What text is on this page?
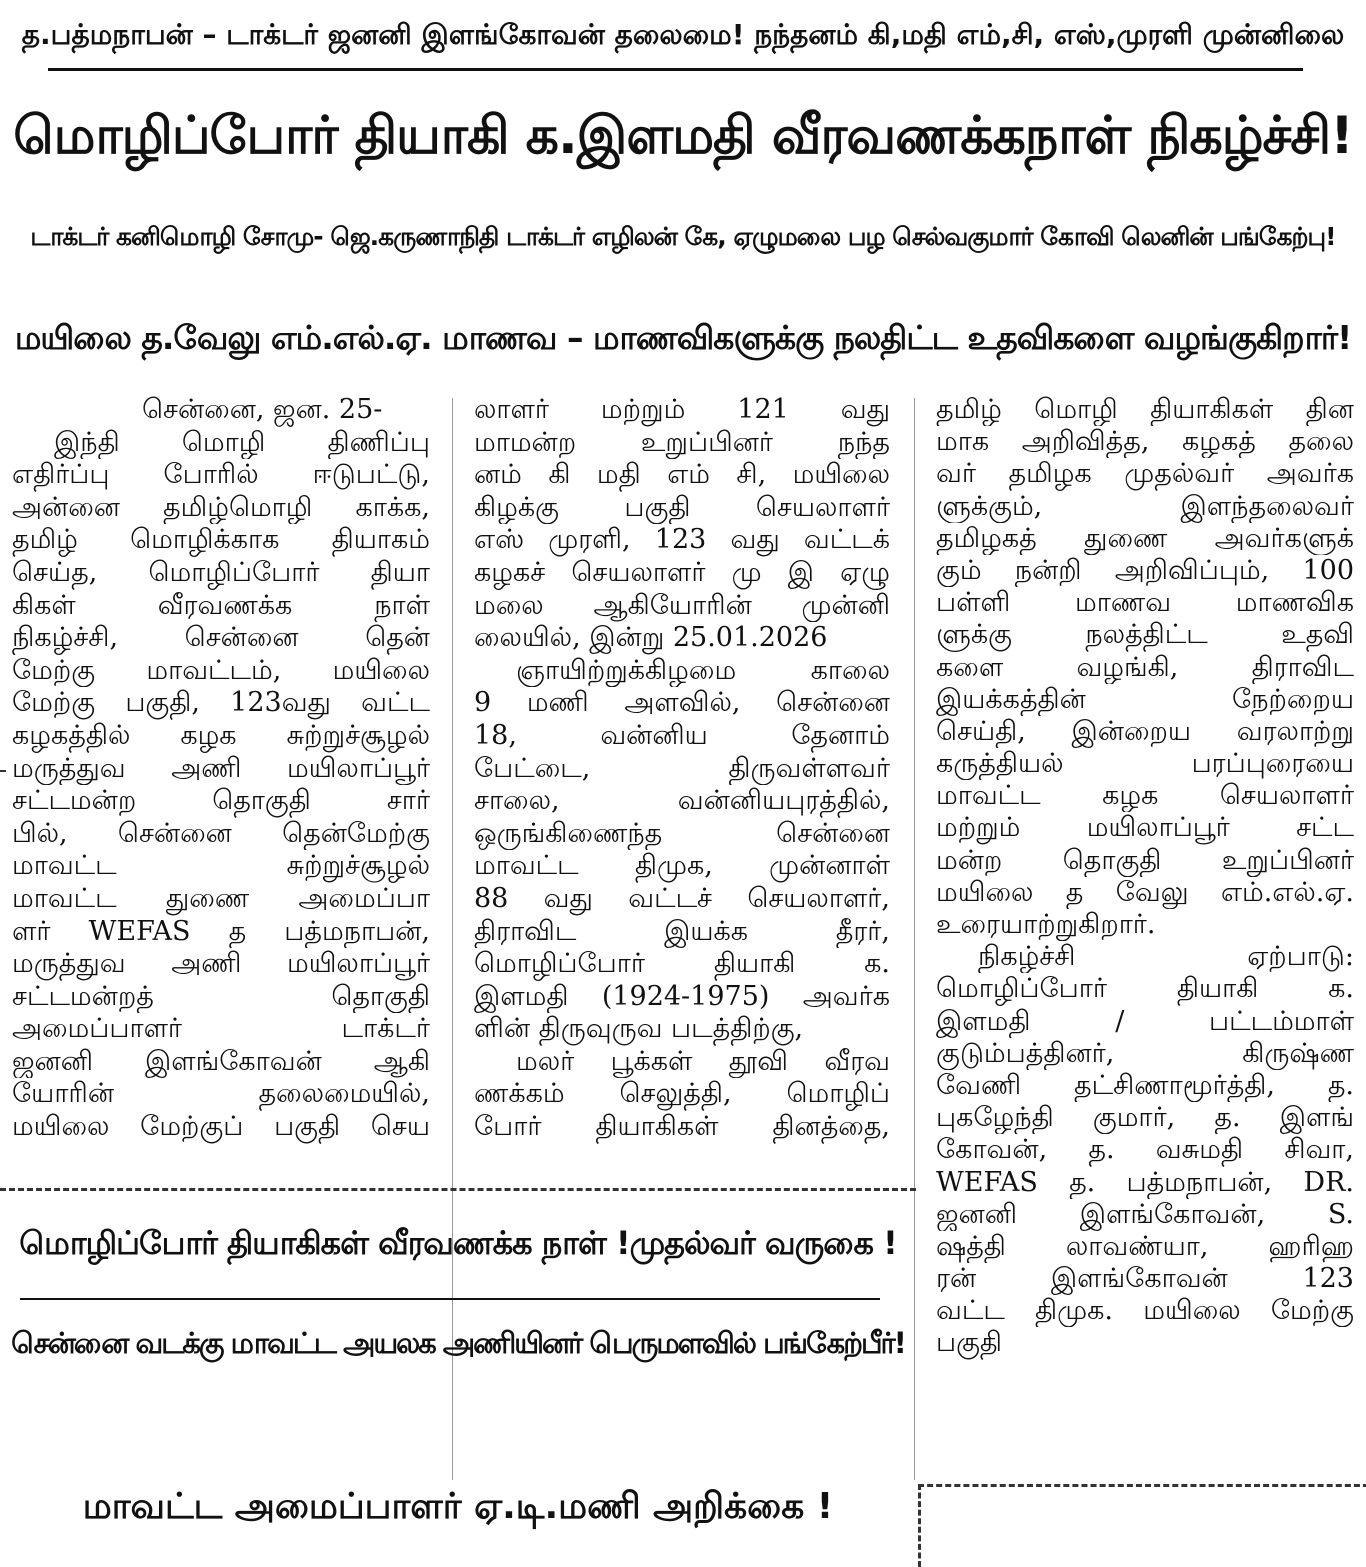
த.பத்மநாபன் – டாக்டர் ஜனனி இளங்கோவன் தலைமை! நந்தனம் கி,மதி எம்,சி, எஸ்,முரளி முன்னிலை
மொழிப்போர் தியாகி க.இளமதி வீரவணக்கநாள் நிகழ்ச்சி!
டாக்டர் கனிமொழி சோமு- ஜெ.கருணாநிதி டாக்டர் எழிலன் கே, ஏழுமலை பழ செல்வகுமார் கோவி லெனின் பங்கேற்பு!
மயிலை த.வேலு எம்.எல்.ஏ. மாணவ – மாணவிகளுக்கு நலதிட்ட உதவிகளை வழங்குகிறார்!
சென்னை, ஜன. 25-
இந்தி மொழி திணிப்பு
எதிர்ப்பு போரில் ஈடுபட்டு,
அன்னை தமிழ்மொழி காக்க,
தமிழ் மொழிக்காக தியாகம்
செய்த, மொழிப்போர் தியா
கிகள் வீரவணக்க நாள்
நிகழ்ச்சி, சென்னை தென்
மேற்கு மாவட்டம், மயிலை
மேற்கு பகுதி, 123வது வட்ட
கழகத்தில் கழக சுற்றுச்சூழல்
மருத்துவ அணி மயிலாப்பூர்
சட்டமன்ற தொகுதி சார்
பில், சென்னை தென்மேற்கு
மாவட்ட சுற்றுச்சூழல்
மாவட்ட துணை அமைப்பா
ளர் WEFAS த பத்மநாபன்,
மருத்துவ அணி மயிலாப்பூர்
சட்டமன்றத் தொகுதி
அமைப்பாளர் டாக்டர்
ஜனனி இளங்கோவன் ஆகி
யோரின் தலைமையில்,
மயிலை மேற்குப் பகுதி செய
லாளர் மற்றும் 121 வது
மாமன்ற உறுப்பினர் நந்த
னம் கி மதி எம் சி, மயிலை
கிழக்கு பகுதி செயலாளர்
எஸ் முரளி, 123 வது வட்டக்
கழகச் செயலாளர் மு இ ஏழு
மலை ஆகியோரின் முன்னி
லையில், இன்று 25.01.2026
ஞாயிற்றுக்கிழமை காலை
9 மணி அளவில், சென்னை
18, வன்னிய தேனாம்
பேட்டை, திருவள்ளவர்
சாலை, வன்னியபுரத்தில்,
ஒருங்கிணைந்த சென்னை
மாவட்ட திமுக, முன்னாள்
88 வது வட்டச் செயலாளர்,
திராவிட இயக்க தீரர்,
மொழிப்போர் தியாகி க.
இளமதி (1924-1975) அவர்க
ளின் திருவுருவ படத்திற்கு,
மலர் பூக்கள் தூவி வீரவ
ணக்கம் செலுத்தி, மொழிப்
போர் தியாகிகள் தினத்தை,
தமிழ் மொழி தியாகிகள் தின
மாக அறிவித்த, கழகத் தலை
வர் தமிழக முதல்வர் அவர்க
ளுக்கும், இளந்தலைவர்
தமிழகத் துணை அவர்களுக்
கும் நன்றி அறிவிப்பும், 100
பள்ளி மாணவ மாணவிக
ளுக்கு நலத்திட்ட உதவி
களை வழங்கி, திராவிட
இயக்கத்தின் நேற்றைய
செய்தி, இன்றைய வரலாற்று
கருத்தியல் பரப்புரையை
மாவட்ட கழக செயலாளர்
மற்றும் மயிலாப்பூர் சட்ட
மன்ற தொகுதி உறுப்பினர்
மயிலை த வேலு எம்.எல்.ஏ.
உரையாற்றுகிறார்.
நிகழ்ச்சி ஏற்பாடு:
மொழிப்போர் தியாகி க.
இளமதி / பட்டம்மாள்
குடும்பத்தினர், கிருஷ்ண
வேணி தட்சிணாமூர்த்தி, த.
புகழேந்தி குமார், த. இளங்
கோவன், த. வசுமதி சிவா,
WEFAS த. பத்மநாபன், DR.
ஜனனி இளங்கோவன், S.
ஷத்தி லாவண்யா, ஹரிஹ
ரன் இளங்கோவன் 123
வட்ட திமுக. மயிலை மேற்கு
பகுதி
மொழிப்போர் தியாகிகள் வீரவணக்க நாள் !முதல்வர் வருகை !
சென்னை வடக்கு மாவட்ட அயலக அணியினர் பெருமளவில் பங்கேற்பீர்!
மாவட்ட அமைப்பாளர் ஏ.டி.மணி அறிக்கை !
